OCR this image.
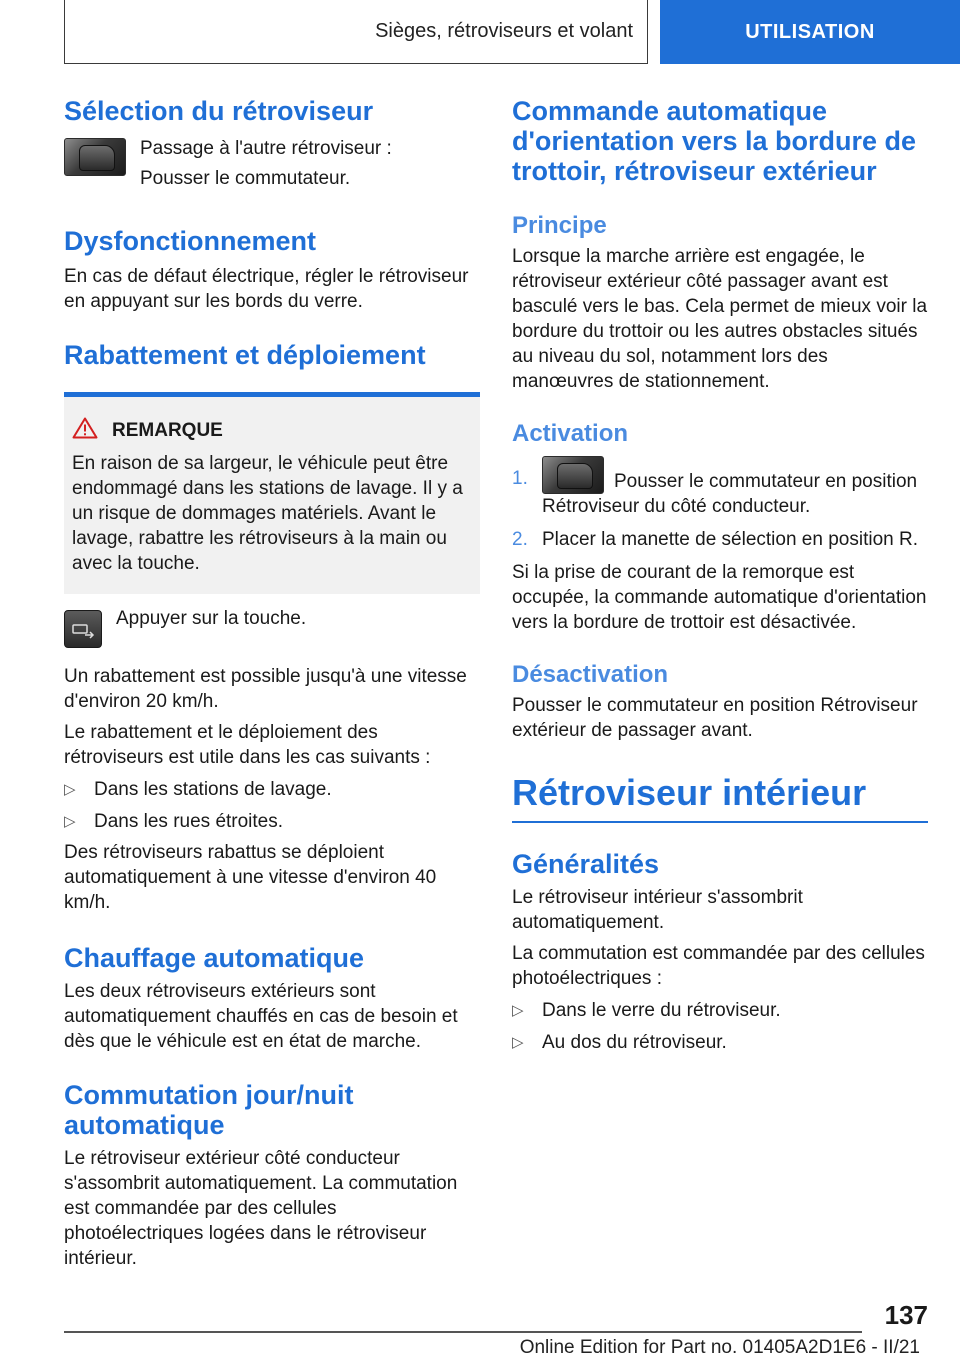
Sièges, rétroviseurs et volant	UTILISATION
Sélection du rétroviseur

Passage à l'autre rétroviseur :

Pousser le commutateur.

Dysfonctionnement

En cas de défaut électrique, régler le rétroviseur en appuyant sur les bords du verre.

Rabattement et déploiement
REMARQUE

En raison de sa largeur, le véhicule peut être endommagé dans les stations de lavage. Il y a un risque de dommages matériels. Avant le lavage, rabattre les rétroviseurs à la main ou avec la touche.

Appuyer sur la touche.

Un rabattement est possible jusqu'à une vitesse d'environ 20 km/h.

Le rabattement et le déploiement des rétroviseurs est utile dans les cas suivants :

▷ Dans les stations de lavage.

▷ Dans les rues étroites.

Des rétroviseurs rabattus se déploient automatiquement à une vitesse d'environ 40 km/h.

Chauffage automatique

Les deux rétroviseurs extérieurs sont automatiquement chauffés en cas de besoin et dès que le véhicule est en état de marche.

Commutation jour/nuit automatique

Le rétroviseur extérieur côté conducteur s'assombrit automatiquement. La commutation est commandée par des cellules photoélectriques logées dans le rétroviseur intérieur.

Commande automatique d'orientation vers la bordure de trottoir, rétroviseur extérieur
Principe

Lorsque la marche arrière est engagée, le rétroviseur extérieur côté passager avant est basculé vers le bas. Cela permet de mieux voir la bordure du trottoir ou les autres obstacles situés au niveau du sol, notamment lors des manœuvres de stationnement.

Activation
1.	Pousser le commutateur en position Rétroviseur du côté conducteur.

2. Placer la manette de sélection en position R.

Si la prise de courant de la remorque est occupée, la commande automatique d'orientation vers la bordure de trottoir est désactivée.

Désactivation

Pousser le commutateur en position Rétroviseur extérieur de passager avant.

Rétroviseur intérieur
Généralités

Le rétroviseur intérieur s'assombrit automatiquement.

La commutation est commandée par des cellules photoélectriques :

▷ Dans le verre du rétroviseur.

▷ Au dos du rétroviseur.

137
Online Edition for Part no. 01405A2D1E6 - II/21
